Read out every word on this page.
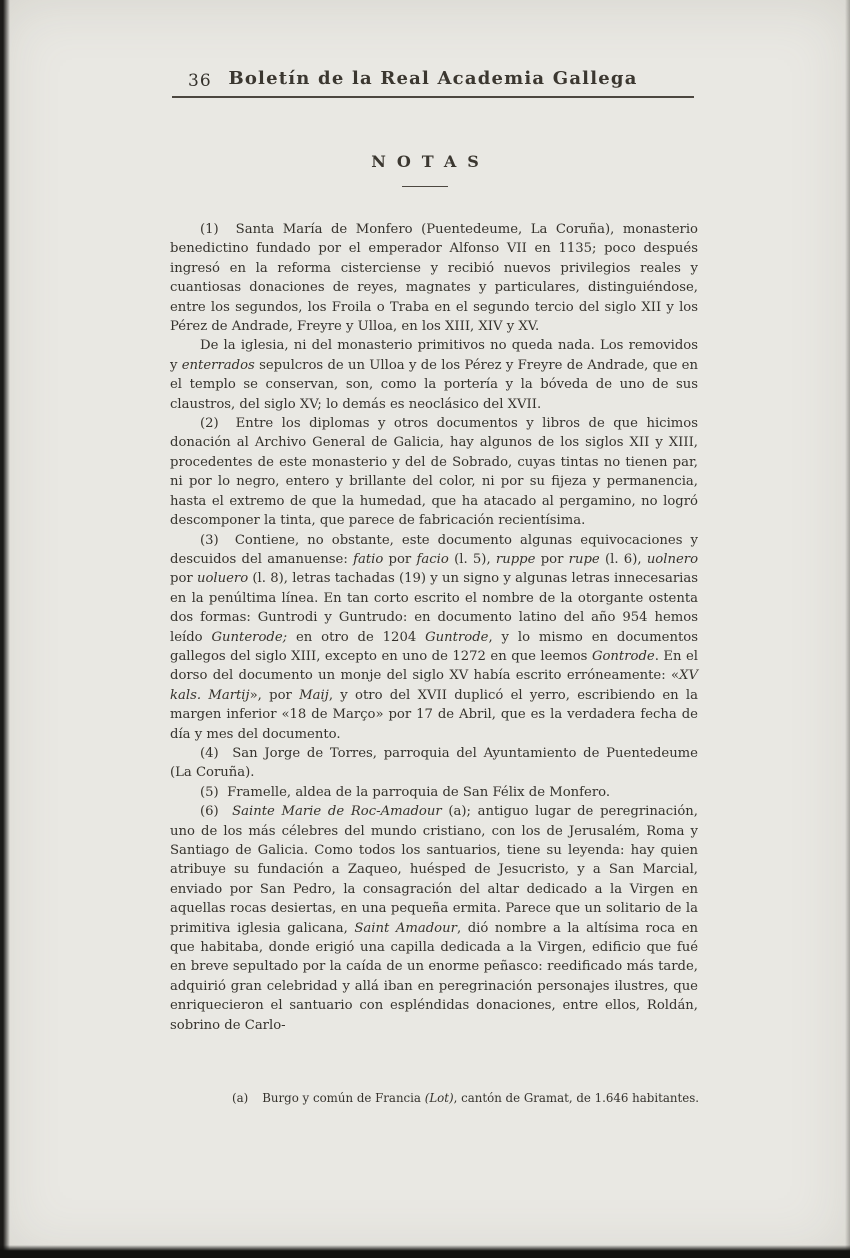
36 Boletín de la Real Academia Gallega
NOTAS

(1)  Santa María de Monfero (Puentedeume, La Coruña), monasterio benedictino fundado por el emperador Alfonso VII en 1135; poco después ingresó en la reforma cisterciense y recibió nuevos privilegios reales y cuantiosas donaciones de reyes, magnates y particulares, distinguiéndose, entre los segundos, los Froila o Traba en el segundo tercio del siglo XII y los Pérez de Andrade, Freyre y Ulloa, en los XIII, XIV y XV.

De la iglesia, ni del monasterio primitivos no queda nada. Los removidos y enterrados sepulcros de un Ulloa y de los Pérez y Freyre de Andrade, que en el templo se conservan, son, como la portería y la bóveda de uno de sus claustros, del siglo XV; lo demás es neoclásico del XVII.

(2)  Entre los diplomas y otros documentos y libros de que hicimos donación al Archivo General de Galicia, hay algunos de los siglos XII y XIII, procedentes de este monasterio y del de Sobrado, cuyas tintas no tienen par, ni por lo negro, entero y brillante del color, ni por su fijeza y permanencia, hasta el extremo de que la humedad, que ha atacado al pergamino, no logró descomponer la tinta, que parece de fabricación recientísima.

(3)  Contiene, no obstante, este documento algunas equivocaciones y descuidos del amanuense: fatio por facio (l. 5), ruppe por rupe (l. 6), uolnero por uoluero (l. 8), letras tachadas (19) y un signo y algunas letras innecesarias en la penúltima línea. En tan corto escrito el nombre de la otorgante ostenta dos formas: Guntrodi y Guntrudo: en documento latino del año 954 hemos leído Gunterode; en otro de 1204 Guntrode, y lo mismo en documentos gallegos del siglo XIII, excepto en uno de 1272 en que leemos Gontrode. En el dorso del documento un monje del siglo XV había escrito erróneamente: «XV kals. Martij», por Maij, y otro del XVII duplicó el yerro, escribiendo en la margen inferior «18 de Março» por 17 de Abril, que es la verdadera fecha de día y mes del documento.

(4)  San Jorge de Torres, parroquia del Ayuntamiento de Puentedeume (La Coruña).

(5)  Framelle, aldea de la parroquia de San Félix de Monfero.

(6)  Sainte Marie de Roc-Amadour (a); antiguo lugar de peregrinación, uno de los más célebres del mundo cristiano, con los de Jerusalém, Roma y Santiago de Galicia. Como todos los santuarios, tiene su leyenda: hay quien atribuye su fundación a Zaqueo, huésped de Jesucristo, y a San Marcial, enviado por San Pedro, la consagración del altar dedicado a la Virgen en aquellas rocas desiertas, en una pequeña ermita. Parece que un solitario de la primitiva iglesia galicana, Saint Amadour, dió nombre a la altísima roca en que habitaba, donde erigió una capilla dedicada a la Virgen, edificio que fué en breve sepultado por la caída de un enorme peñasco: reedificado más tarde, adquirió gran celebridad y allá iban en peregrinación personajes ilustres, que enriquecieron el santuario con espléndidas donaciones, entre ellos, Roldán, sobrino de Carlo-

(a) Burgo y común de Francia (Lot), cantón de Gramat, de 1.646 habitantes.
